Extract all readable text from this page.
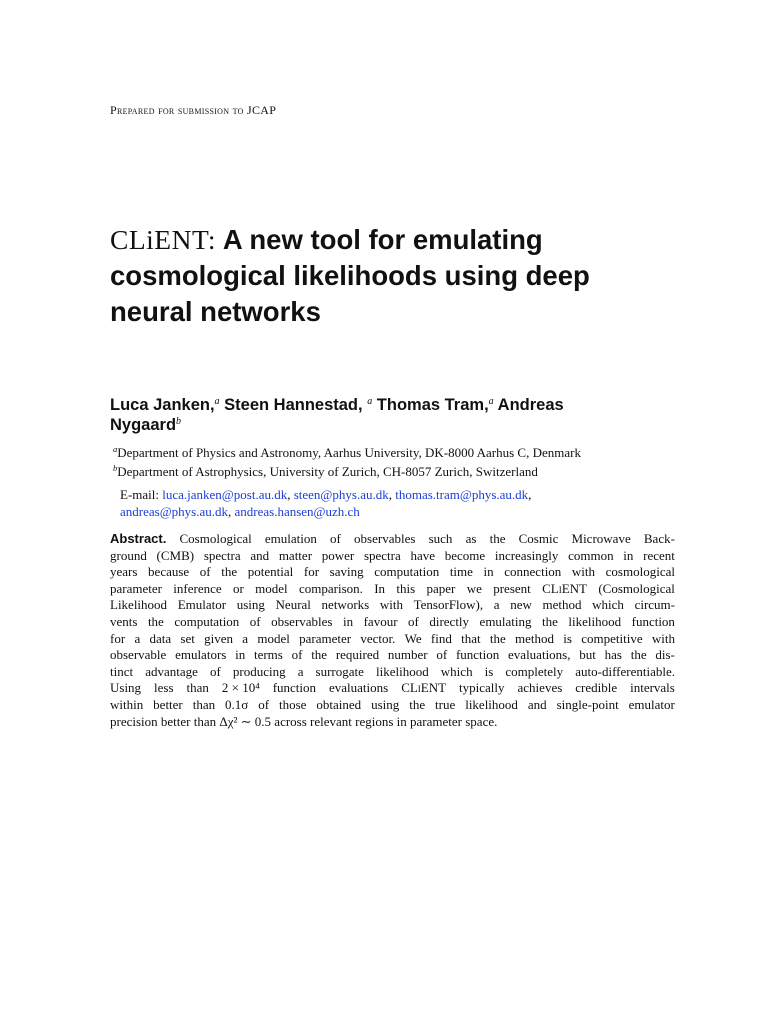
Prepared for submission to JCAP
CLiENT: A new tool for emulating
cosmological likelihoods using deep
neural networks
Luca Janken,$^a$ Steen Hannestad, $^a$ Thomas Tram,$^a$ Andreas
Nygaard$^b$
$^a$Department of Physics and Astronomy, Aarhus University, DK-8000 Aarhus C, Denmark
$^b$Department of Astrophysics, University of Zurich, CH-8057 Zurich, Switzerland
E-mail: luca.janken@post.au.dk, steen@phys.au.dk, thomas.tram@phys.au.dk,
andreas@phys.au.dk, andreas.hansen@uzh.ch
Abstract. Cosmological emulation of observables such as the Cosmic Microwave Back-
ground (CMB) spectra and matter power spectra have become increasingly common in recent
years because of the potential for saving computation time in connection with cosmological
parameter inference or model comparison. In this paper we present CLiENT (Cosmological
Likelihood Emulator using Neural networks with TensorFlow), a new method which circum-
vents the computation of observables in favour of directly emulating the likelihood function
for a data set given a model parameter vector. We find that the method is competitive with
observable emulators in terms of the required number of function evaluations, but has the dis-
tinct advantage of producing a surrogate likelihood which is completely auto-differentiable.
Using less than 2 × 10⁴ function evaluations CLiENT typically achieves credible intervals
within better than 0.1σ of those obtained using the true likelihood and single-point emulator
precision better than Δχ² ∼ 0.5 across relevant regions in parameter space.
